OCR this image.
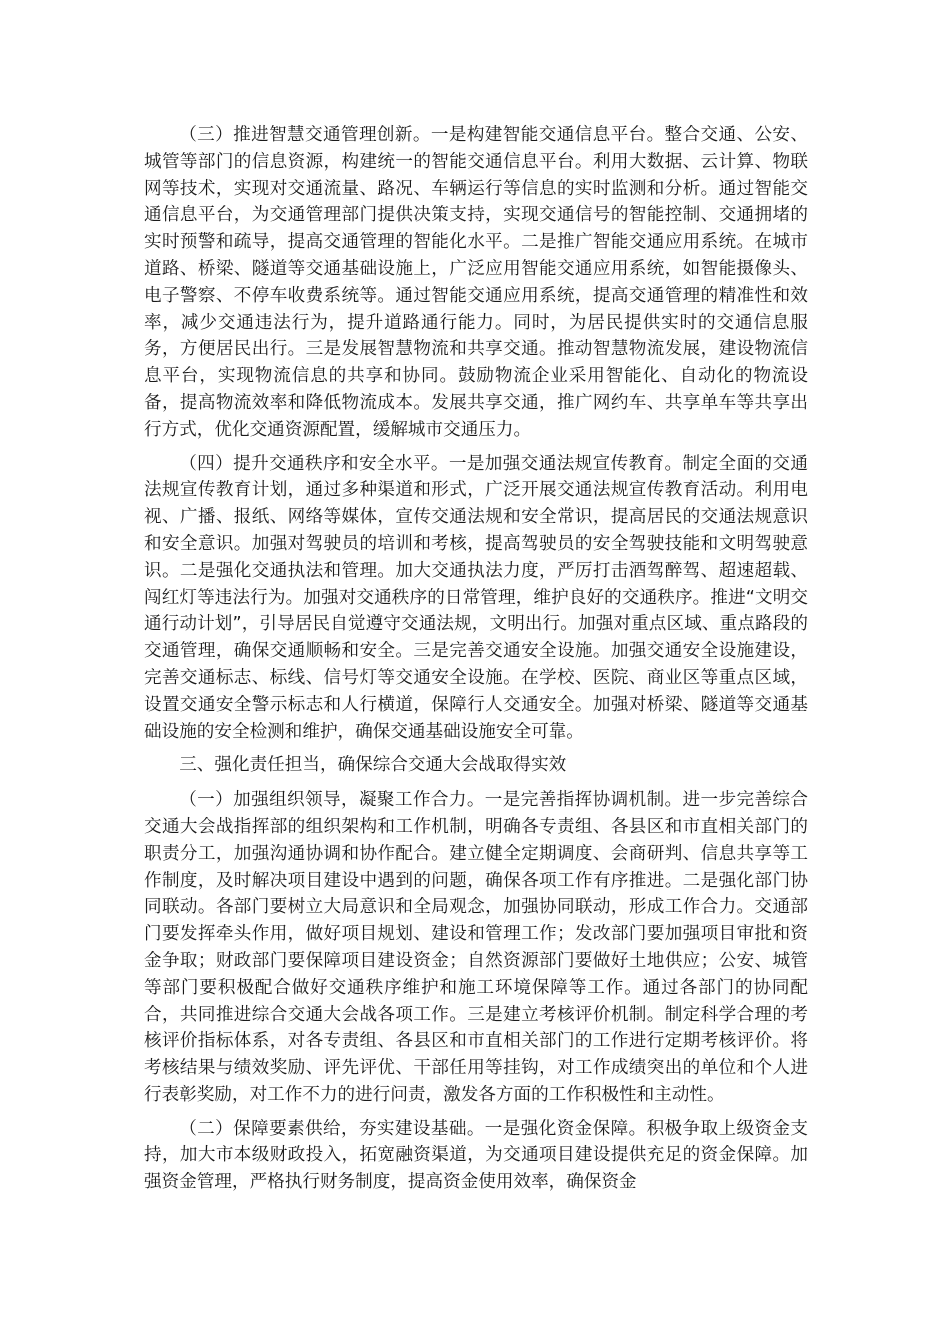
（三）推进智慧交通管理创新。一是构建智能交通信息平台。整合交通、公安、城管等部门的信息资源，构建统一的智能交通信息平台。利用大数据、云计算、物联网等技术，实现对交通流量、路况、车辆运行等信息的实时监测和分析。通过智能交通信息平台，为交通管理部门提供决策支持，实现交通信号的智能控制、交通拥堵的实时预警和疏导，提高交通管理的智能化水平。二是推广智能交通应用系统。在城市道路、桥梁、隧道等交通基础设施上，广泛应用智能交通应用系统，如智能摄像头、电子警察、不停车收费系统等。通过智能交通应用系统，提高交通管理的精准性和效率，减少交通违法行为，提升道路通行能力。同时，为居民提供实时的交通信息服务，方便居民出行。三是发展智慧物流和共享交通。推动智慧物流发展，建设物流信息平台，实现物流信息的共享和协同。鼓励物流企业采用智能化、自动化的物流设备，提高物流效率和降低物流成本。发展共享交通，推广网约车、共享单车等共享出行方式，优化交通资源配置，缓解城市交通压力。

（四）提升交通秩序和安全水平。一是加强交通法规宣传教育。制定全面的交通法规宣传教育计划，通过多种渠道和形式，广泛开展交通法规宣传教育活动。利用电视、广播、报纸、网络等媒体，宣传交通法规和安全常识，提高居民的交通法规意识和安全意识。加强对驾驶员的培训和考核，提高驾驶员的安全驾驶技能和文明驾驶意识。二是强化交通执法和管理。加大交通执法力度，严厉打击酒驾醉驾、超速超载、闯红灯等违法行为。加强对交通秩序的日常管理，维护良好的交通秩序。推进“文明交通行动计划”，引导居民自觉遵守交通法规，文明出行。加强对重点区域、重点路段的交通管理，确保交通顺畅和安全。三是完善交通安全设施。加强交通安全设施建设，完善交通标志、标线、信号灯等交通安全设施。在学校、医院、商业区等重点区域，设置交通安全警示标志和人行横道，保障行人交通安全。加强对桥梁、隧道等交通基础设施的安全检测和维护，确保交通基础设施安全可靠。

三、强化责任担当，确保综合交通大会战取得实效

（一）加强组织领导，凝聚工作合力。一是完善指挥协调机制。进一步完善综合交通大会战指挥部的组织架构和工作机制，明确各专责组、各县区和市直相关部门的职责分工，加强沟通协调和协作配合。建立健全定期调度、会商研判、信息共享等工作制度，及时解决项目建设中遇到的问题，确保各项工作有序推进。二是强化部门协同联动。各部门要树立大局意识和全局观念，加强协同联动，形成工作合力。交通部门要发挥牵头作用，做好项目规划、建设和管理工作；发改部门要加强项目审批和资金争取；财政部门要保障项目建设资金；自然资源部门要做好土地供应；公安、城管等部门要积极配合做好交通秩序维护和施工环境保障等工作。通过各部门的协同配合，共同推进综合交通大会战各项工作。三是建立考核评价机制。制定科学合理的考核评价指标体系，对各专责组、各县区和市直相关部门的工作进行定期考核评价。将考核结果与绩效奖励、评先评优、干部任用等挂钩，对工作成绩突出的单位和个人进行表彰奖励，对工作不力的进行问责，激发各方面的工作积极性和主动性。

（二）保障要素供给，夯实建设基础。一是强化资金保障。积极争取上级资金支持，加大市本级财政投入，拓宽融资渠道，为交通项目建设提供充足的资金保障。加强资金管理，严格执行财务制度，提高资金使用效率，确保资金
